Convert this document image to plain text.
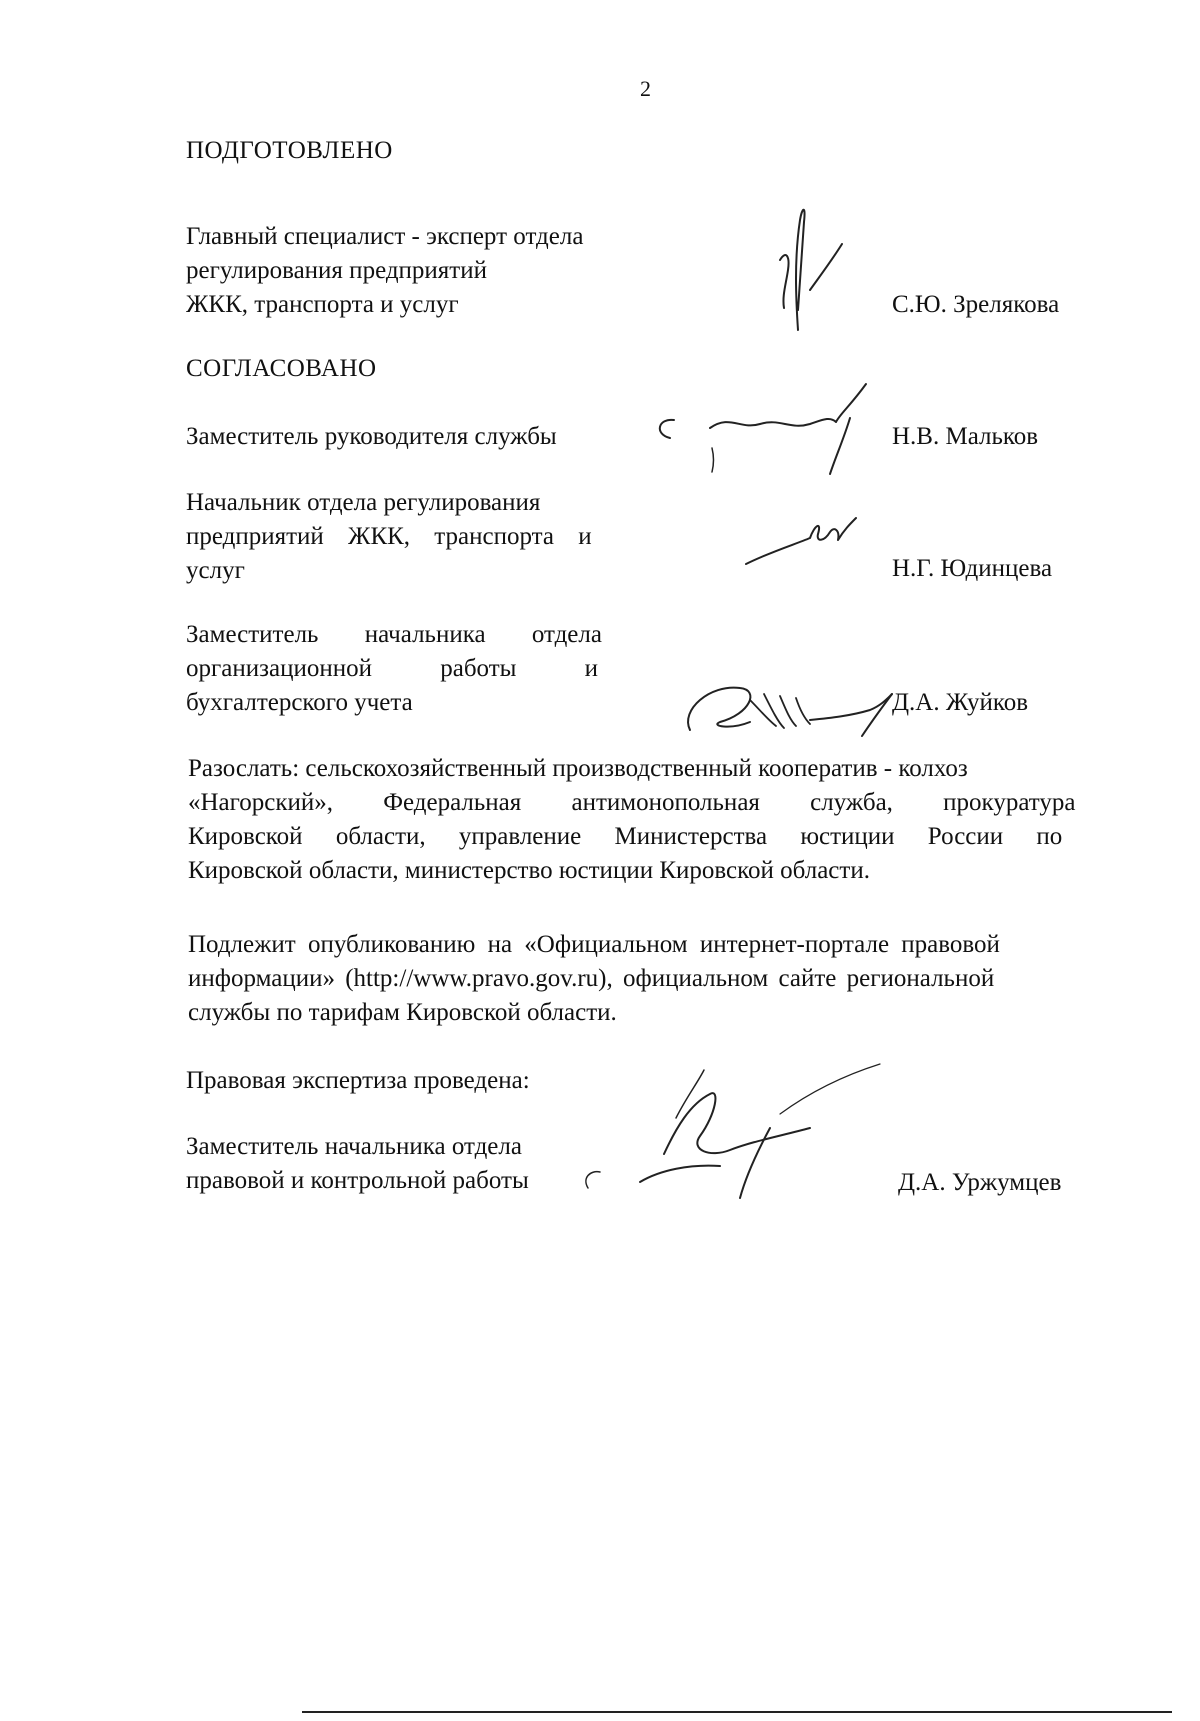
2
ПОДГОТОВЛЕНО
Главный специалист - эксперт отдела
регулирования предприятий
ЖКК, транспорта и услуг	С.Ю. Зрелякова
СОГЛАСОВАНО
Заместитель руководителя службы	Н.В. Мальков
Начальник отдела регулирования
предприятий ЖКК, транспорта и
услуг	Н.Г. Юдинцева
Заместитель начальника отдела
организационной работы и
бухгалтерского учета	Д.А. Жуйков
Разослать: сельскохозяйственный производственный кооператив - колхоз
«Нагорский», Федеральная антимонопольная служба, прокуратура
Кировской области, управление Министерства юстиции России по
Кировской области, министерство юстиции Кировской области.
Подлежит опубликованию на «Официальном интернет-портале правовой
информации» (http://www.pravo.gov.ru), официальном сайте региональной
службы по тарифам Кировской области.
Правовая экспертиза проведена:
Заместитель начальника отдела
правовой и контрольной работы	Д.А. Уржумцев
